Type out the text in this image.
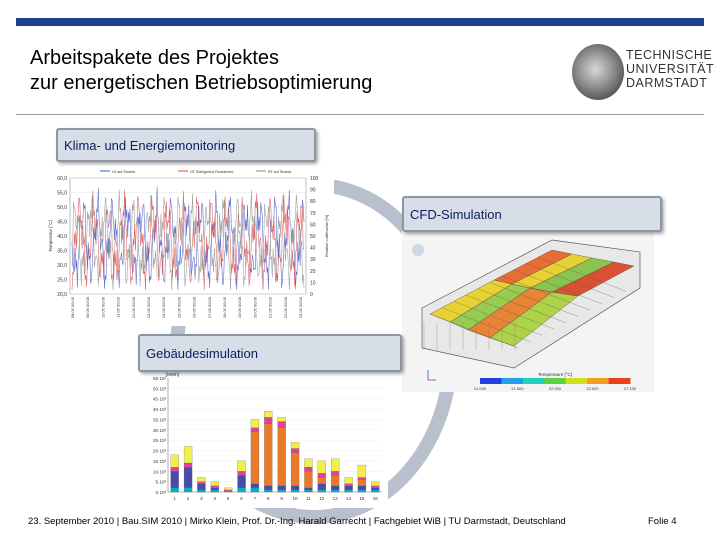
Arbeitspakete des Projektes
zur energetischen Betriebsoptimierung
TECHNISCHE
UNIVERSITÄT
DARMSTADT
LS auf Strahla	OT Stahlgerüst Fundament	RF auf Strahla
60,0
55,0
50,0
45,0
40,0
35,0
30,0
25,0
20,0
100
90
80
70
60
50
40
30
20
10
0
Temperatur [°C]	Relative Luftfeuchte [%]
08.05 00:00	09.05 00:00	10.05 00:00	11.05 00:00	12.05 00:00	13.05 00:00	14.05 00:00	15.05 00:00	16.05 00:00	17.05 00:00	18.05 00:00	19.05 00:00	20.05 00:00	21.05 00:00	22.05 00:00	23.05 00:00
Temperature [°C]
21.000	21.500	22.000	22.500	27.100
[MWh]
55·10³
50·10³
45·10³
40·10³
35·10³
30·10³
25·10³
20·10³
15·10³
10·10³
5·10³
0·10³
1 2 3 4 5 6 7 8 9 10 11 12 13 14 15 16
Klima- und Energiemonitoring
CFD-Simulation
Gebäudesimulation
23. September 2010 | Bau.SIM 2010 | Mirko Klein, Prof. Dr.-Ing. Harald Garrecht | Fachgebiet WiB | TU Darmstadt, Deutschland	Folie 4
